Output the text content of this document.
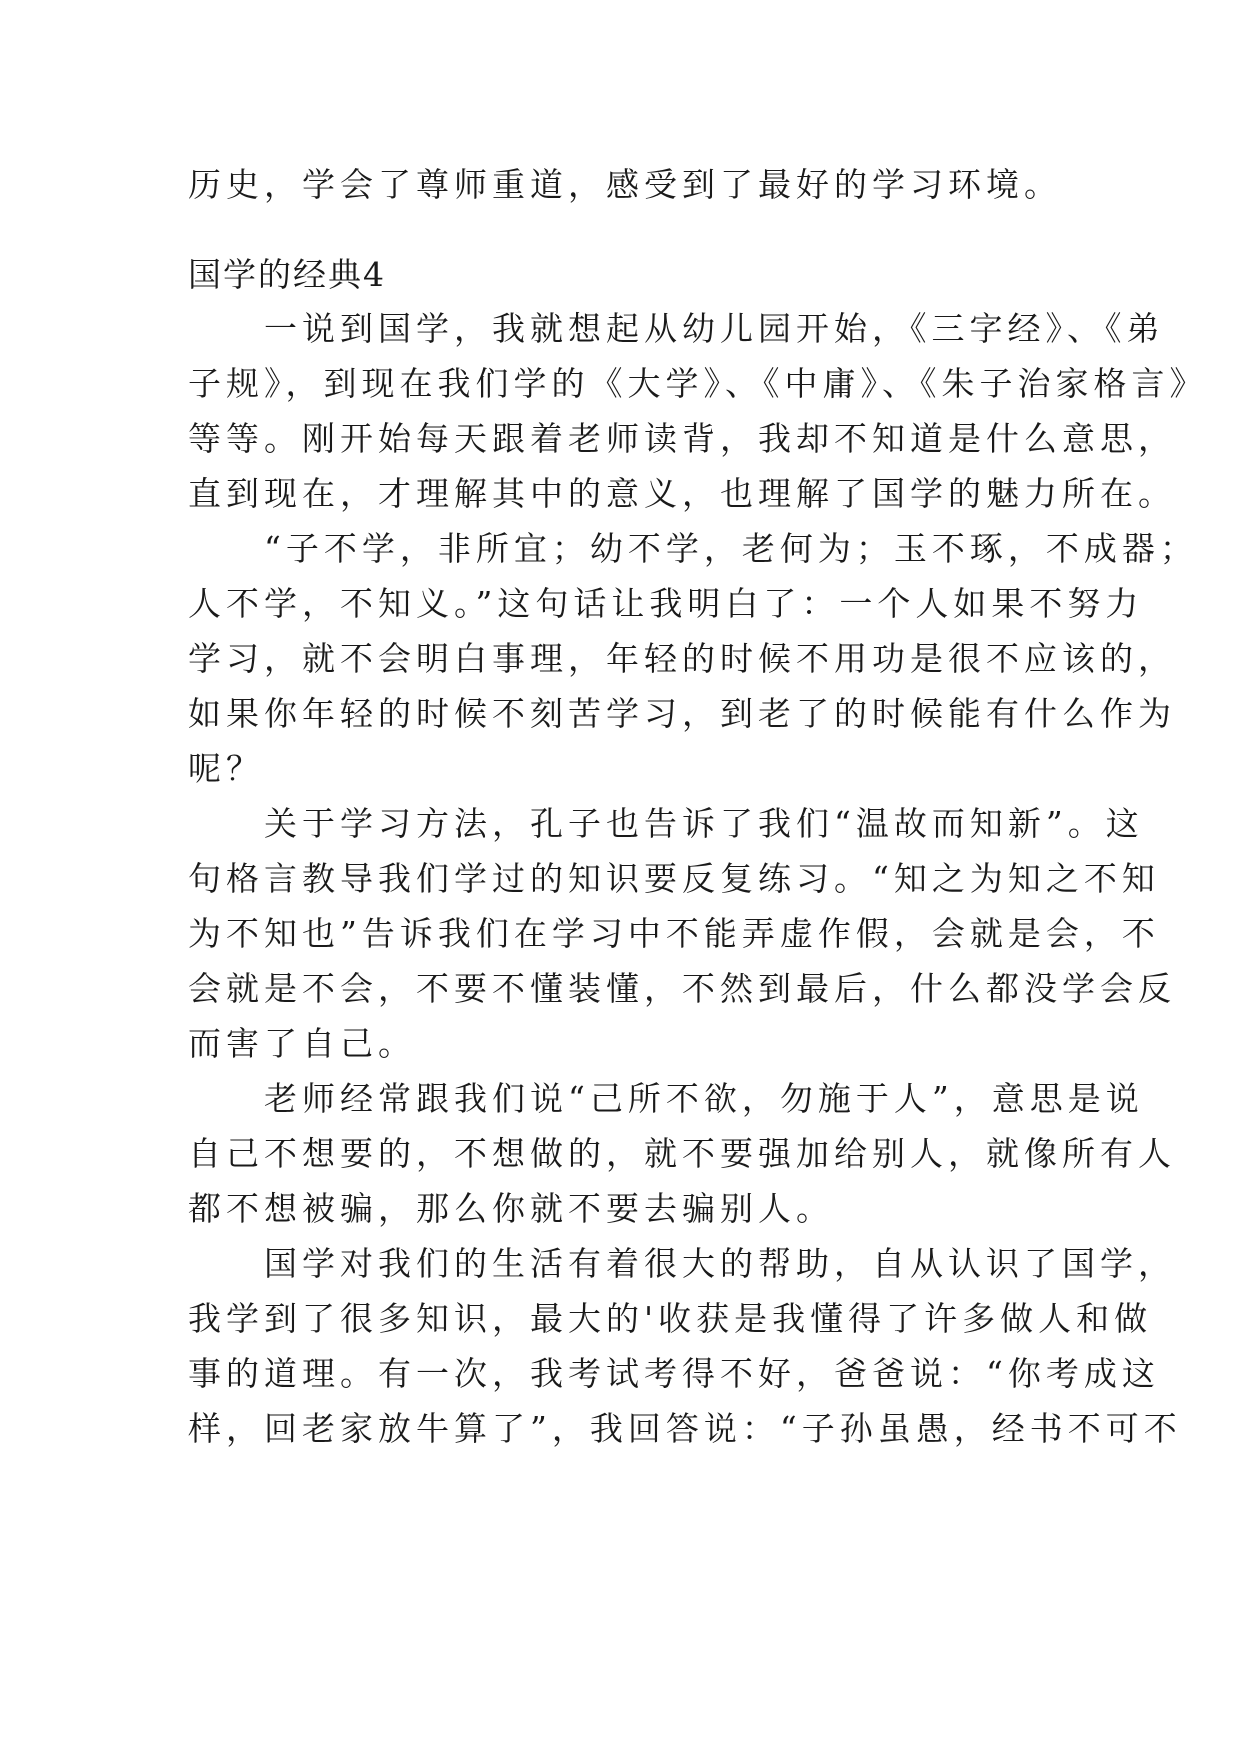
历史，学会了尊师重道，感受到了最好的学习环境。
国学的经典4
　　一说到国学，我就想起从幼儿园开始，《三字经》、《弟
子规》，到现在我们学的《大学》、《中庸》、《朱子治家格言》
等等。刚开始每天跟着老师读背，我却不知道是什么意思，
直到现在，才理解其中的意义，也理解了国学的魅力所在。
　　“子不学，非所宜；幼不学，老何为；玉不琢，不成器；
人不学，不知义。”这句话让我明白了：一个人如果不努力
学习，就不会明白事理，年轻的时候不用功是很不应该的，
如果你年轻的时候不刻苦学习，到老了的时候能有什么作为
呢？
　　关于学习方法，孔子也告诉了我们“温故而知新”。这
句格言教导我们学过的知识要反复练习。“知之为知之不知
为不知也”告诉我们在学习中不能弄虚作假，会就是会，不
会就是不会，不要不懂装懂，不然到最后，什么都没学会反
而害了自己。
　　老师经常跟我们说“己所不欲，勿施于人”，意思是说
自己不想要的，不想做的，就不要强加给别人，就像所有人
都不想被骗，那么你就不要去骗别人。
　　国学对我们的生活有着很大的帮助，自从认识了国学，
我学到了很多知识，最大的'收获是我懂得了许多做人和做
事的道理。有一次，我考试考得不好，爸爸说：“你考成这
样，回老家放牛算了”，我回答说：“子孙虽愚，经书不可不
